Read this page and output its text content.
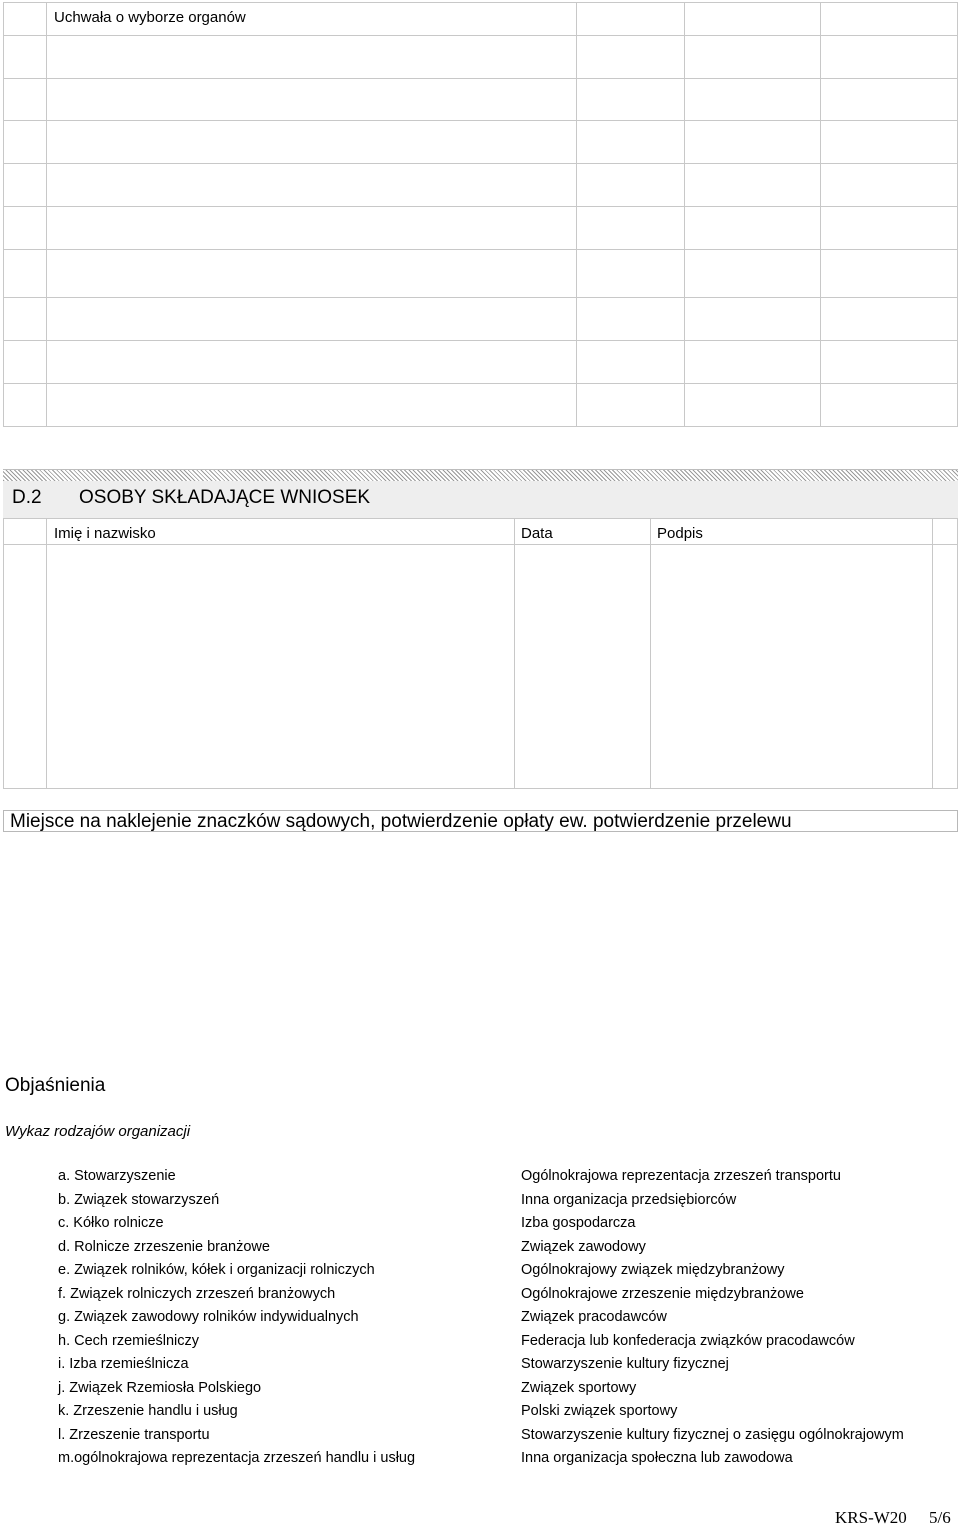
Uchwała o wyborze organów
D.2 OSOBY SKŁADAJĄCE WNIOSEK
Imię i nazwisko	Data	Podpis
Miejsce na naklejenie znaczków sądowych, potwierdzenie opłaty ew. potwierdzenie przelewu
Objaśnienia
Wykaz rodzajów organizacji
a. Stowarzyszenie
b. Związek stowarzyszeń
c. Kółko rolnicze
d. Rolnicze zrzeszenie branżowe
e. Związek rolników, kółek i organizacji rolniczych
f. Związek rolniczych zrzeszeń branżowych
g. Związek zawodowy rolników indywidualnych
h. Cech rzemieślniczy
i. Izba rzemieślnicza
j. Związek Rzemiosła Polskiego
k. Zrzeszenie handlu i usług
l. Zrzeszenie transportu
m.ogólnokrajowa reprezentacja zrzeszeń handlu i usług
Ogólnokrajowa reprezentacja zrzeszeń transportu
Inna organizacja przedsiębiorców
Izba gospodarcza
Związek zawodowy
Ogólnokrajowy związek międzybranżowy
Ogólnokrajowe zrzeszenie międzybranżowe
Związek pracodawców
Federacja lub konfederacja związków pracodawców
Stowarzyszenie kultury fizycznej
Związek sportowy
Polski związek sportowy
Stowarzyszenie kultury fizycznej o zasięgu ogólnokrajowym
Inna organizacja społeczna lub zawodowa
KRS-W20 5/6
